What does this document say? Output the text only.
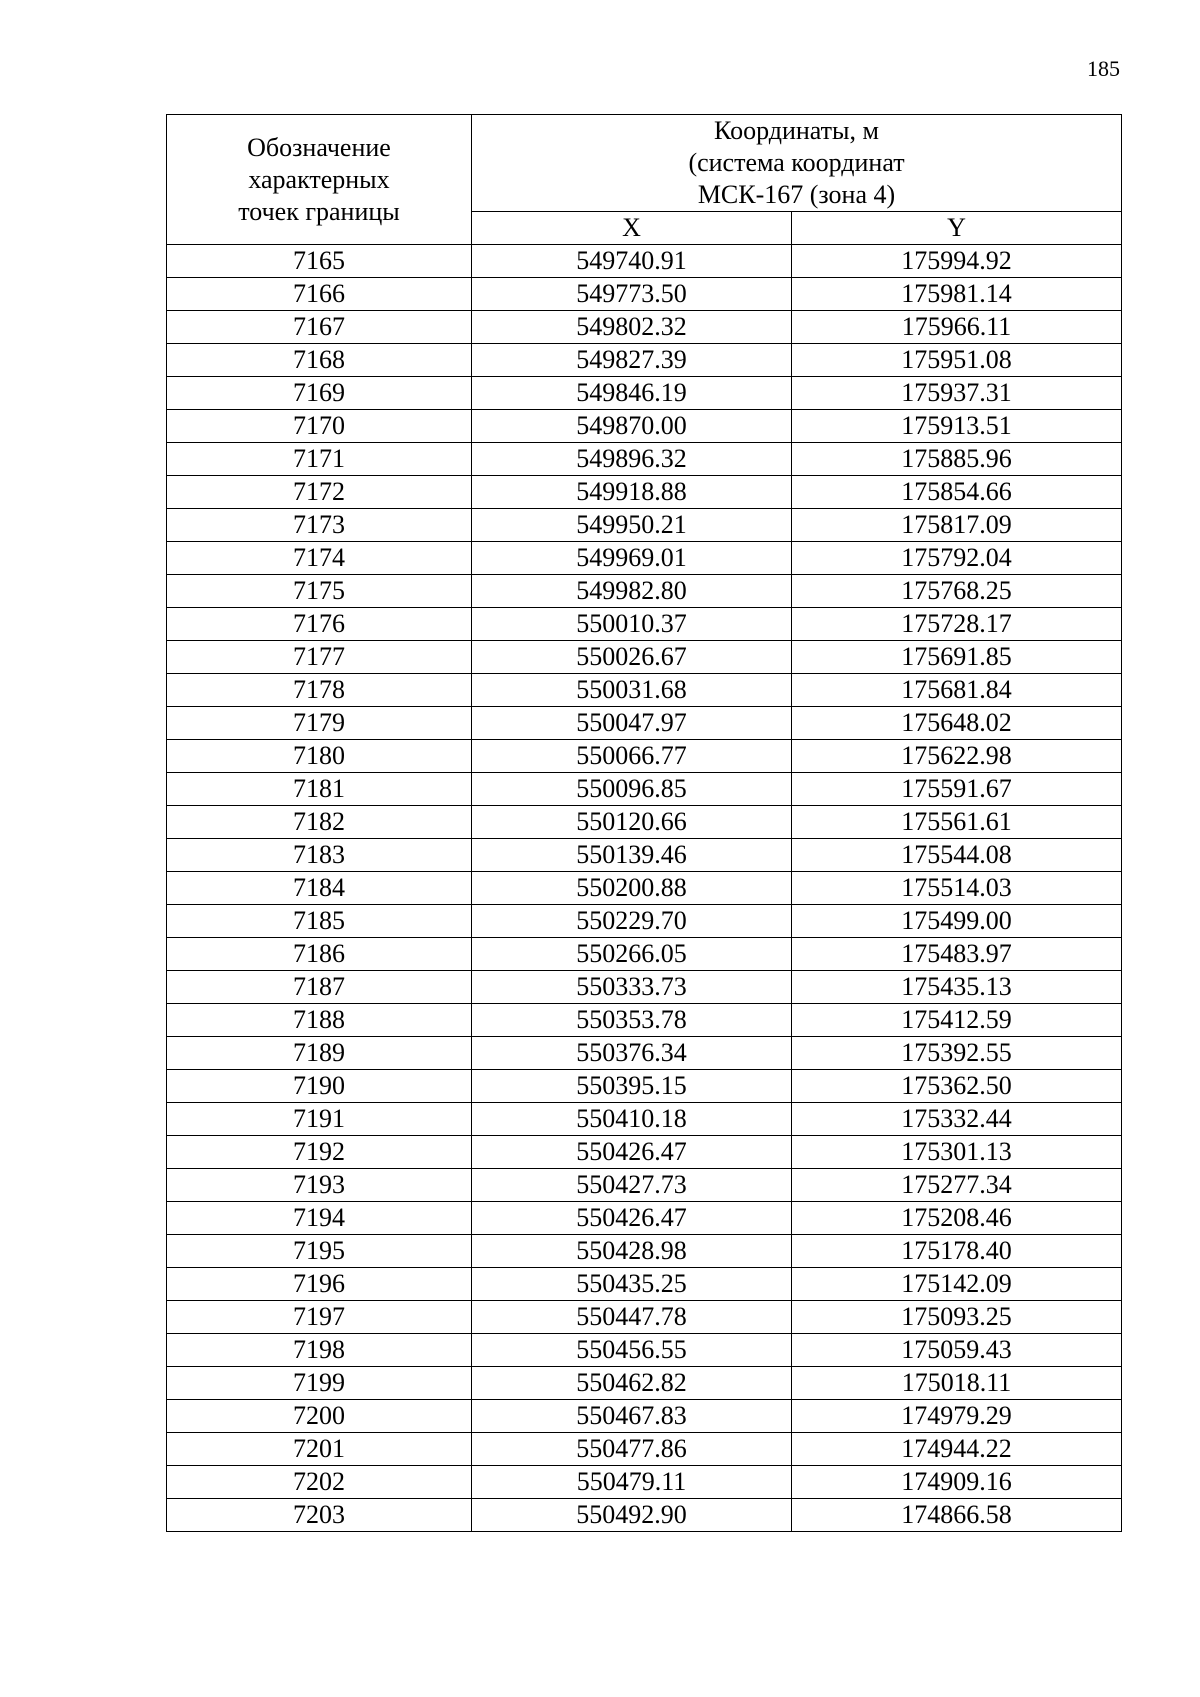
185
Обозначение
характерных
точек границы	Координаты, м
(система координат
МСК-167 (зона 4)	

	X	Y
7165	549740.91	175994.92
7166	549773.50	175981.14
7167	549802.32	175966.11
7168	549827.39	175951.08
7169	549846.19	175937.31
7170	549870.00	175913.51
7171	549896.32	175885.96
7172	549918.88	175854.66
7173	549950.21	175817.09
7174	549969.01	175792.04
7175	549982.80	175768.25
7176	550010.37	175728.17
7177	550026.67	175691.85
7178	550031.68	175681.84
7179	550047.97	175648.02
7180	550066.77	175622.98
7181	550096.85	175591.67
7182	550120.66	175561.61
7183	550139.46	175544.08
7184	550200.88	175514.03
7185	550229.70	175499.00
7186	550266.05	175483.97
7187	550333.73	175435.13
7188	550353.78	175412.59
7189	550376.34	175392.55
7190	550395.15	175362.50
7191	550410.18	175332.44
7192	550426.47	175301.13
7193	550427.73	175277.34
7194	550426.47	175208.46
7195	550428.98	175178.40
7196	550435.25	175142.09
7197	550447.78	175093.25
7198	550456.55	175059.43
7199	550462.82	175018.11
7200	550467.83	174979.29
7201	550477.86	174944.22
7202	550479.11	174909.16
7203	550492.90	174866.58
